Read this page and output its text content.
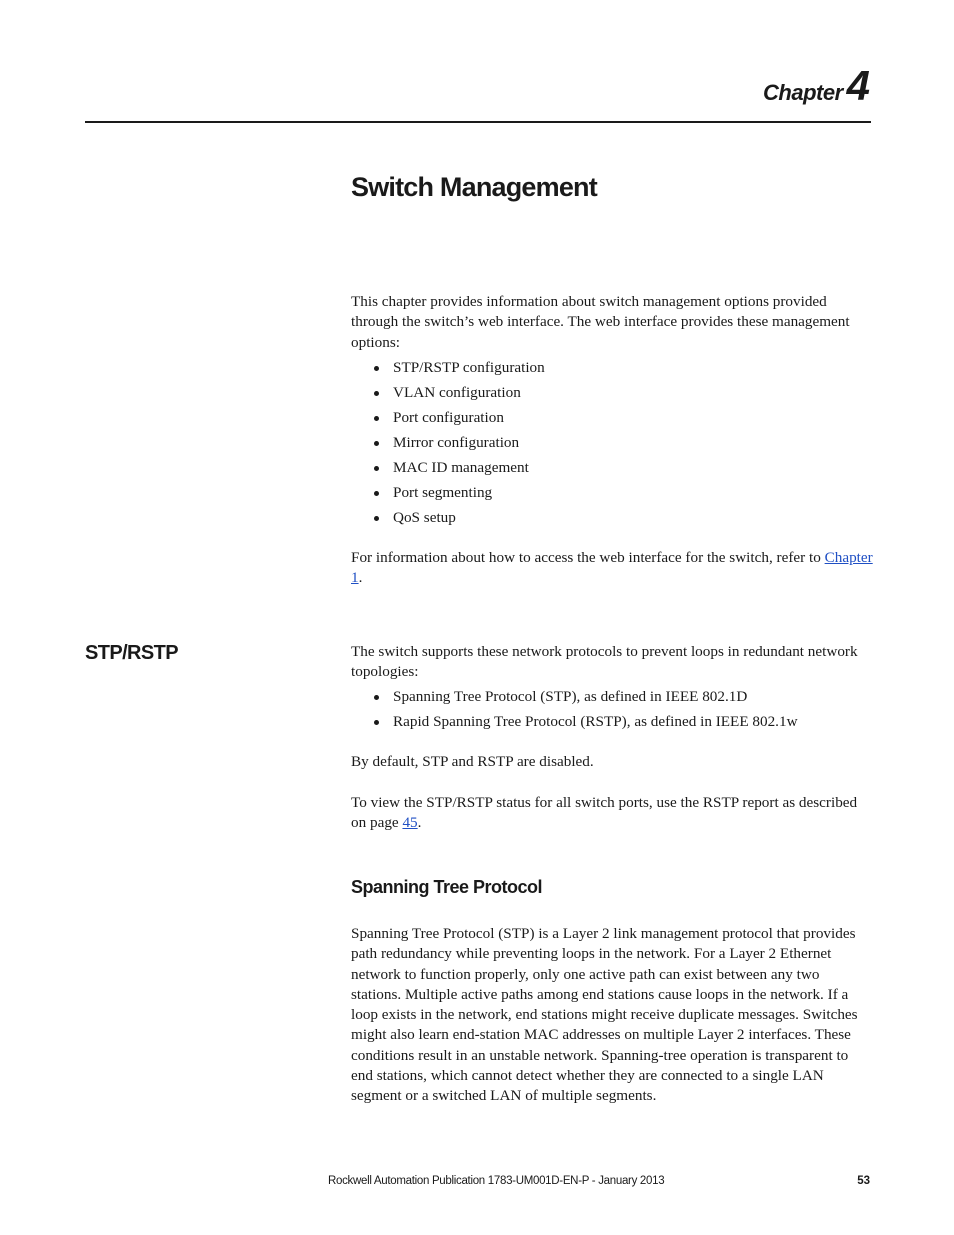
Chapter4
Switch Management

This chapter provides information about switch management options provided through the switch’s web interface. The web interface provides these management options:

STP/RSTP configuration
VLAN configuration
Port configuration
Mirror configuration
MAC ID management
Port segmenting
QoS setup

For information about how to access the web interface for the switch, refer to Chapter 1.

STP/RSTP	The switch supports these network protocols to prevent loops in redundant network topologies:

Spanning Tree Protocol (STP), as defined in IEEE 802.1D
Rapid Spanning Tree Protocol (RSTP), as defined in IEEE 802.1w

By default, STP and RSTP are disabled.

To view the STP/RSTP status for all switch ports, use the RSTP report as described on page 45.

Spanning Tree Protocol

Spanning Tree Protocol (STP) is a Layer 2 link management protocol that provides path redundancy while preventing loops in the network. For a Layer 2 Ethernet network to function properly, only one active path can exist between any two stations. Multiple active paths among end stations cause loops in the network. If a loop exists in the network, end stations might receive duplicate messages. Switches might also learn end-station MAC addresses on multiple Layer 2 interfaces. These conditions result in an unstable network. Spanning-tree operation is transparent to end stations, which cannot detect whether they are connected to a single LAN segment or a switched LAN of multiple segments.

Rockwell Automation Publication 1783-UM001D-EN-P - January 2013	53
